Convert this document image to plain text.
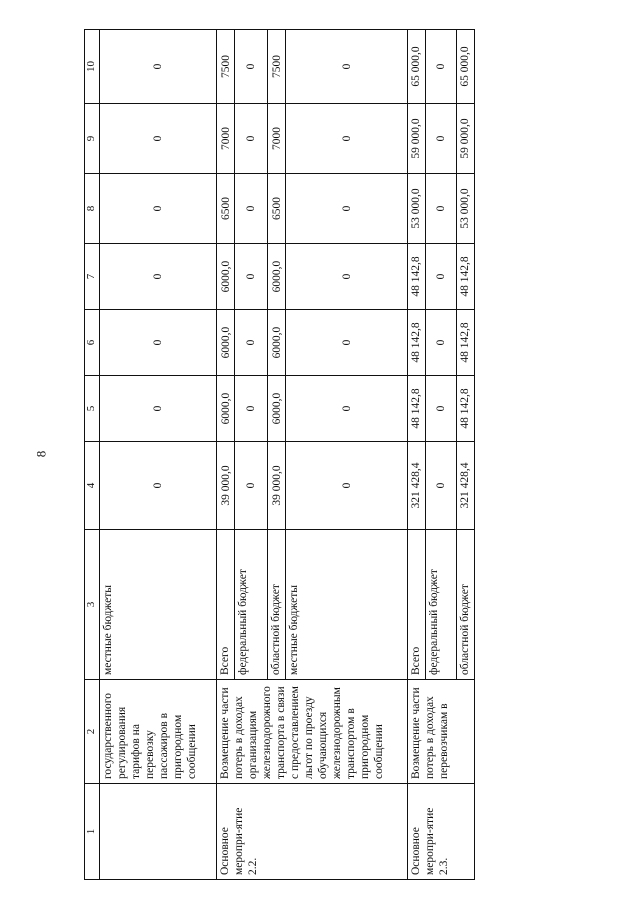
8
1	2	3	4	5	6	7	8	9	10
	государственного регулирования тарифов на перевозку пассажиров в пригородном сообщении	местные бюджеты	0	0	0	0	0	0	0
Основное меропри-ятие 2.2.	Возмещение части потерь в доходах организациям железнодорожного транспорта в связи с предоставлением льгот по проезду обучающихся железнодорожным транспортом в пригородном сообщении	Всего	39 000,0	6000,0	6000,0	6000,0	6500	7000	7500
		федеральный бюджет	0	0	0	0	0	0	0
		областной бюджет	39 000,0	6000,0	6000,0	6000,0	6500	7000	7500
		местные бюджеты	0	0	0	0	0	0	0
Основное меропри-ятие 2.3.	Возмещение части потерь в доходах перевозчикам в	Всего	321 428,4	48 142,8	48 142,8	48 142,8	53 000,0	59 000,0	65 000,0
		федеральный бюджет	0	0	0	0	0	0	0
		областной бюджет	321 428,4	48 142,8	48 142,8	48 142,8	53 000,0	59 000,0	65 000,0
